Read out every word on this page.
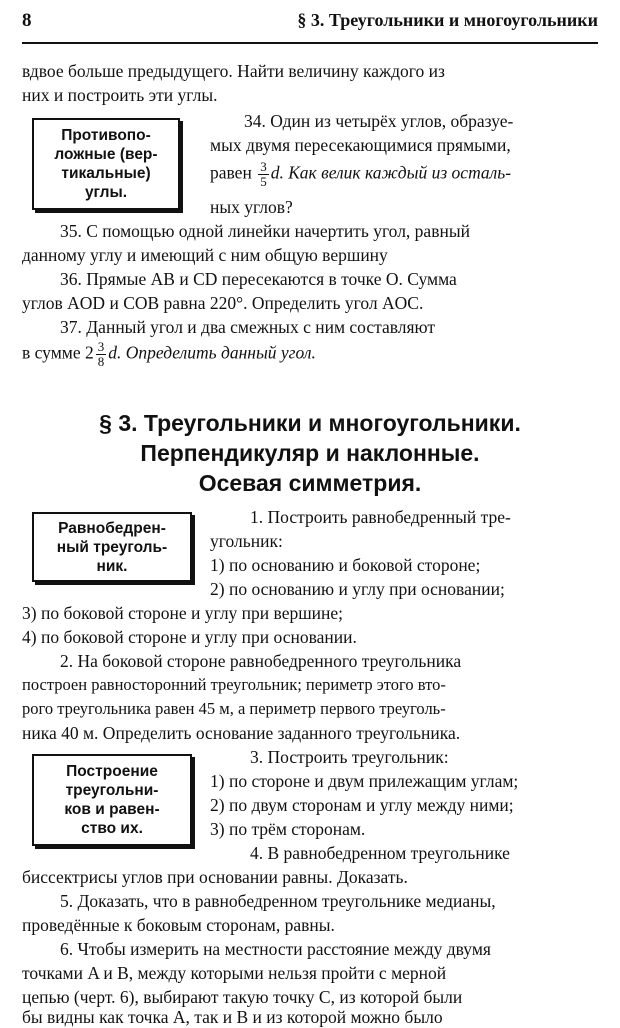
8	§ 3. Треугольники и многоугольники
вдвое больше предыдущего. Найти величину каждого из
них и построить эти углы.
Противопо-
ложные (вер-
тикальные)
углы.
34. Один из четырёх углов, образуе-
мых двумя пересекающимися прямыми,
равен $\frac{3}{5} d$. Как велик каждый из осталь-
ных углов?
35. С помощью одной линейки начертить угол, равный
данному углу и имеющий с ним общую вершину
36. Прямые AB и CD пересекаются в точке O. Сумма
углов AOD и COB равна 220°. Определить угол AOC.
37. Данный угол и два смежных с ним составляют
в сумме $2 \frac{3}{8} d$. Определить данный угол.
§ 3. Треугольники и многоугольники.
Перпендикуляр и наклонные.
Осевая симметрия.
Равнобедрен-
ный треуголь-
ник.
1. Построить равнобедренный тре-
угольник:
1) по основанию и боковой стороне;
2) по основанию и углу при основании;
3) по боковой стороне и углу при вершине;
4) по боковой стороне и углу при основании.
2. На боковой стороне равнобедренного треугольника
построен равносторонний треугольник; периметр этого вто-
рого треугольника равен 45 м, а периметр первого треуголь-
ника 40 м. Определить основание заданного треугольника.
Построение
треугольни-
ков и равен-
ство их.
3. Построить треугольник:
1) по стороне и двум прилежащим углам;
2) по двум сторонам и углу между ними;
3) по трём сторонам.
4. В равнобедренном треугольнике
биссектрисы углов при основании равны. Доказать.
5. Доказать, что в равнобедренном треугольнике медианы,
проведённые к боковым сторонам, равны.
6. Чтобы измерить на местности расстояние между двумя
точками A и B, между которыми нельзя пройти с мерной
цепью (черт. 6), выбирают такую точку C, из которой были
бы видны как точка A, так и B и из которой можно было
